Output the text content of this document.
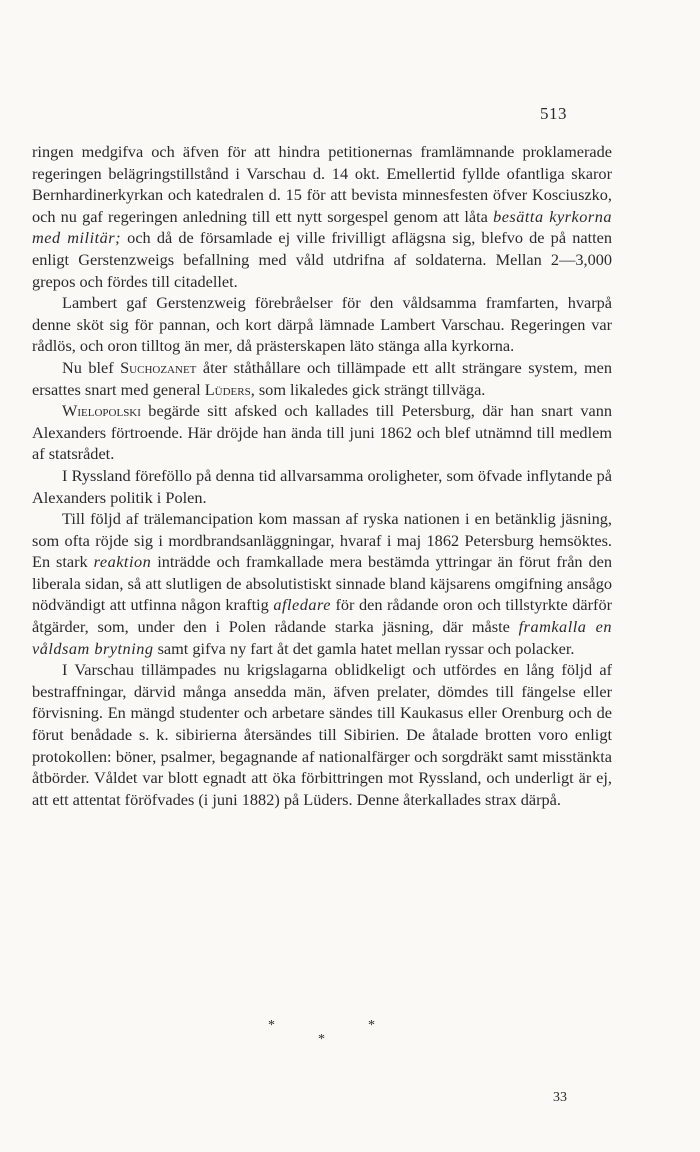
513

ringen medgifva och äfven för att hindra petitionernas framlämnande proklamerade regeringen belägringstillstånd i Varschau d. 14 okt. Emellertid fyllde ofantliga skaror Bernhardinerkyrkan och katedralen d. 15 för att bevista minnesfesten öfver Kosciuszko, och nu gaf regeringen anledning till ett nytt sorgespel genom att låta besätta kyrkorna med militär; och då de församlade ej ville frivilligt aflägsna sig, blefvo de på natten enligt Gerstenzweigs befallning med våld utdrifna af soldaterna. Mellan 2—3,000 grepos och fördes till citadellet.

Lambert gaf Gerstenzweig förebråelser för den våldsamma framfarten, hvarpå denne sköt sig för pannan, och kort därpå lämnade Lambert Varschau. Regeringen var rådlös, och oron tilltog än mer, då prästerskapen läto stänga alla kyrkorna.

Nu blef Suchozanet åter ståthållare och tillämpade ett allt strängare system, men ersattes snart med general Lüders, som likaledes gick strängt tillväga.

Wielopolski begärde sitt afsked och kallades till Petersburg, där han snart vann Alexanders förtroende. Här dröjde han ända till juni 1862 och blef utnämnd till medlem af statsrådet.

I Ryssland föreföllo på denna tid allvarsamma oroligheter, som öfvade inflytande på Alexanders politik i Polen.

Till följd af trälemancipation kom massan af ryska nationen i en betänklig jäsning, som ofta röjde sig i mordbrandsanläggningar, hvaraf i maj 1862 Petersburg hemsöktes. En stark reaktion inträdde och framkallade mera bestämda yttringar än förut från den liberala sidan, så att slutligen de absolutistiskt sinnade bland käjsarens omgifning ansågo nödvändigt att utfinna någon kraftig afledare för den rådande oron och tillstyrkte därför åtgärder, som, under den i Polen rådande starka jäsning, där måste framkalla en våldsam brytning samt gifva ny fart åt det gamla hatet mellan ryssar och polacker.

I Varschau tillämpades nu krigslagarna oblidkeligt och utfördes en lång följd af bestraffningar, därvid många ansedda män, äfven prelater, dömdes till fängelse eller förvisning. En mängd studenter och arbetare sändes till Kaukasus eller Orenburg och de förut benådade s. k. sibirierna återsändes till Sibirien. De åtalade brotten voro enligt protokollen: böner, psalmer, begagnande af nationalfärger och sorgdräkt samt misstänkta åtbörder. Våldet var blott egnadt att öka förbittringen mot Ryssland, och underligt är ej, att ett attentat föröfvades (i juni 1882) på Lüders. Denne återkallades strax därpå.

*	*
*
33
